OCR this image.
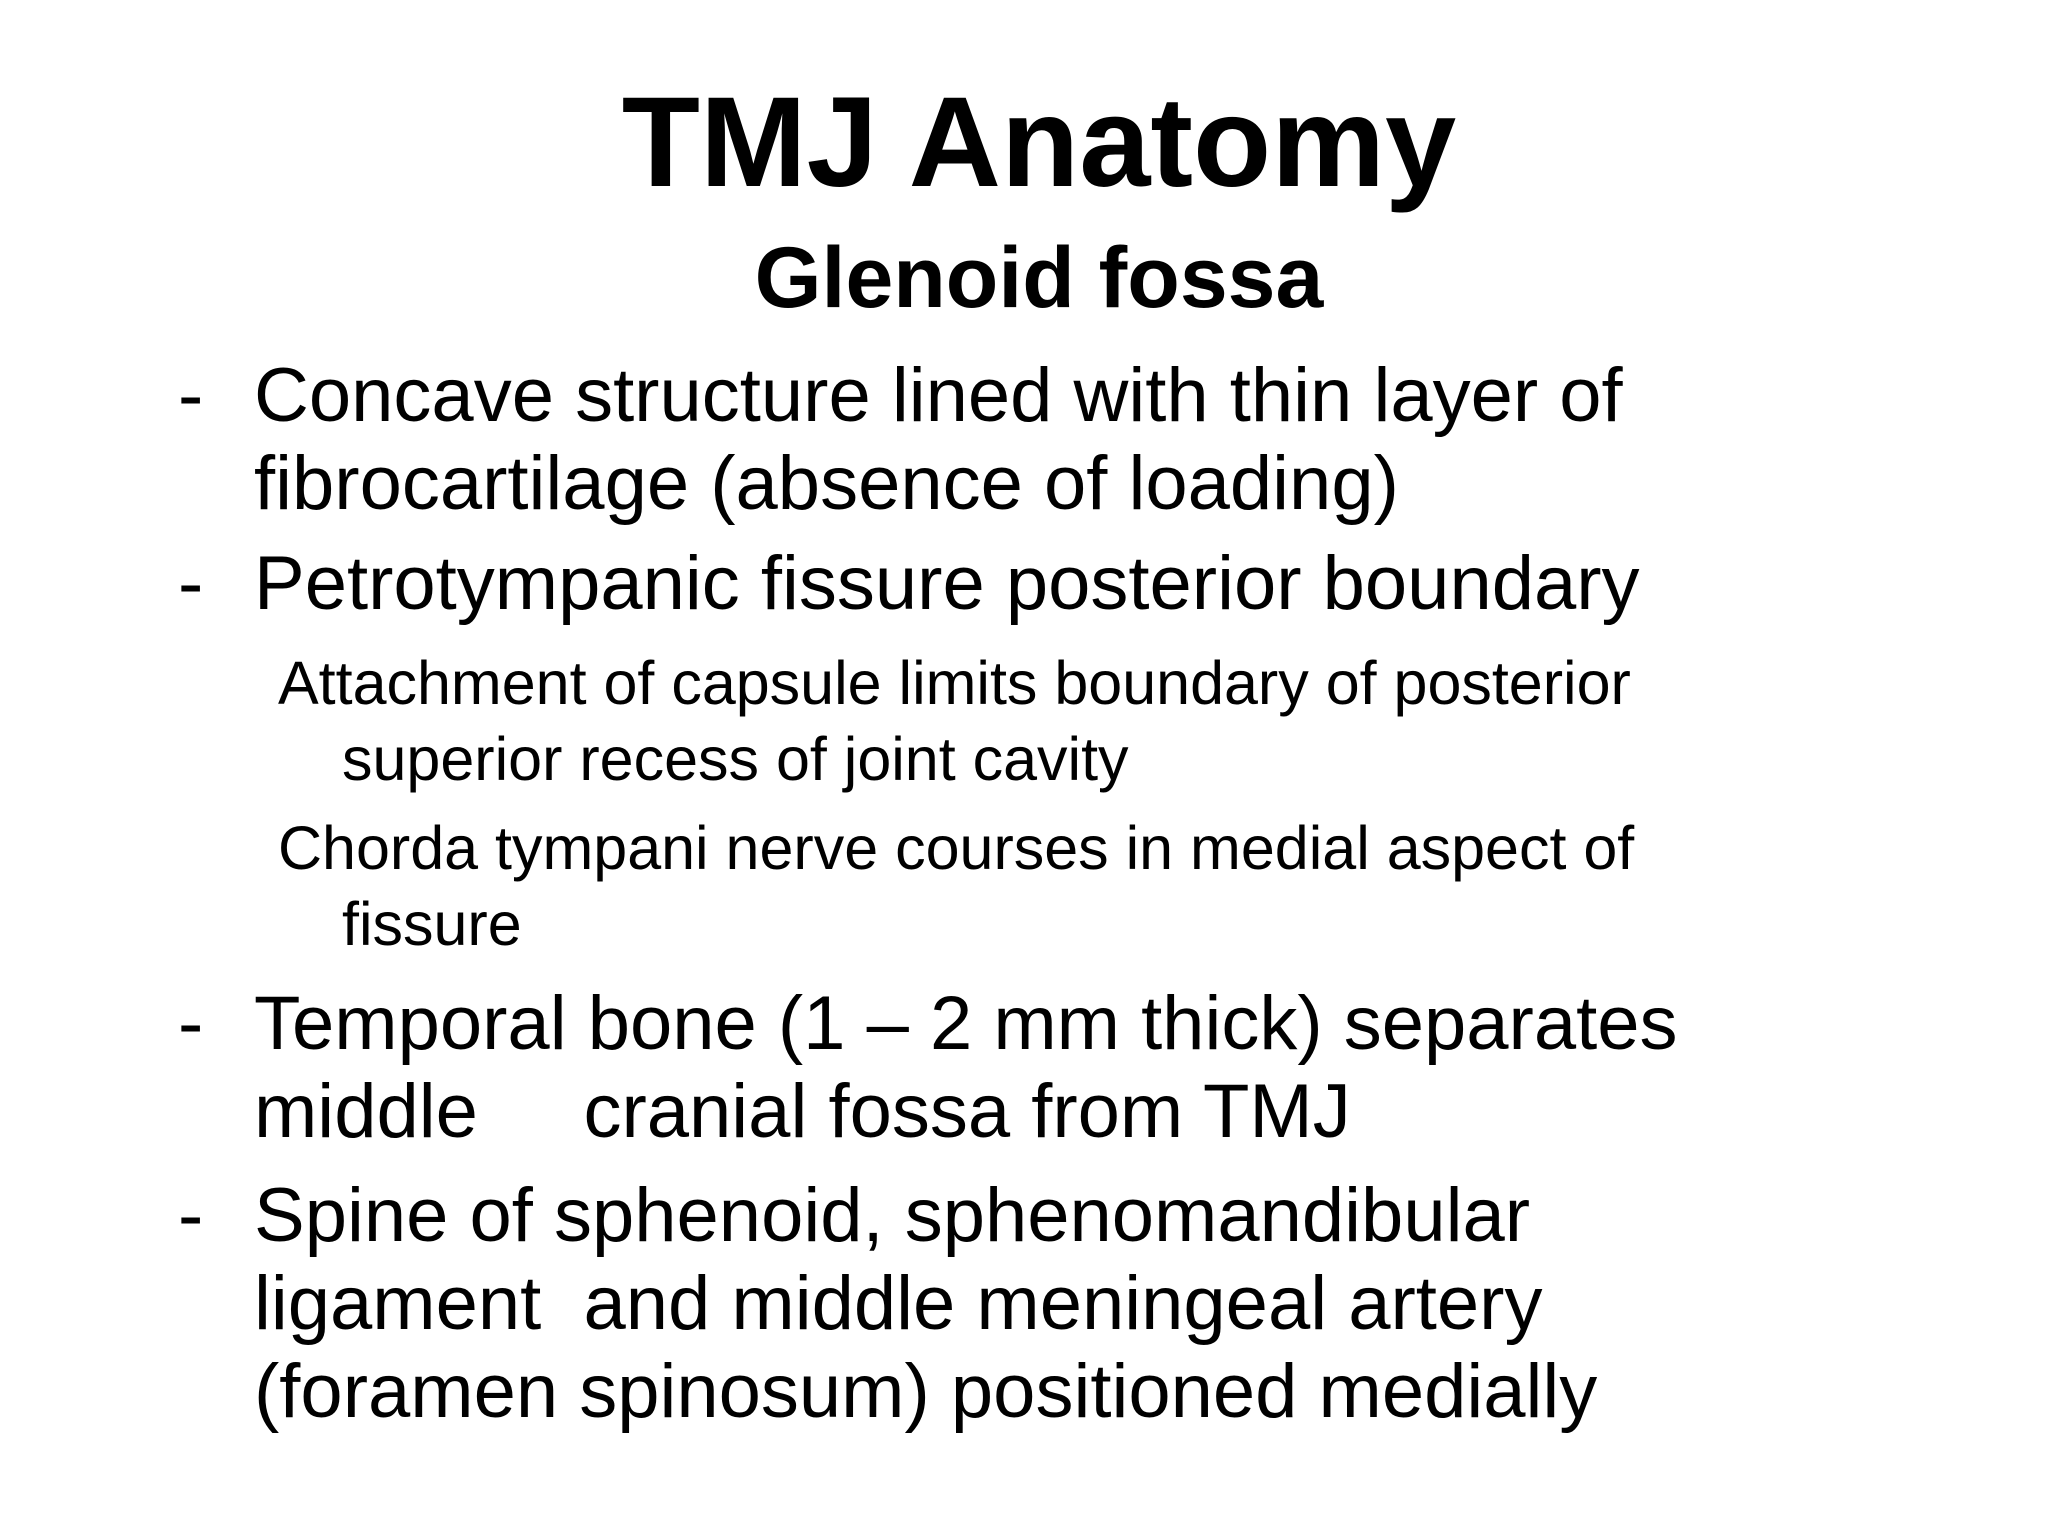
TMJ Anatomy
Glenoid fossa
- Concave structure lined with thin layer of
fibrocartilage (absence of loading)
- Petrotympanic fissure posterior boundary
Attachment of capsule limits boundary of posterior
superior recess of joint cavity
Chorda tympani nerve courses in medial aspect of
fissure
- Temporal bone (1 – 2 mm thick) separates
middle     cranial fossa from TMJ
- Spine of sphenoid, sphenomandibular
ligament  and middle meningeal artery
(foramen spinosum) positioned medially
